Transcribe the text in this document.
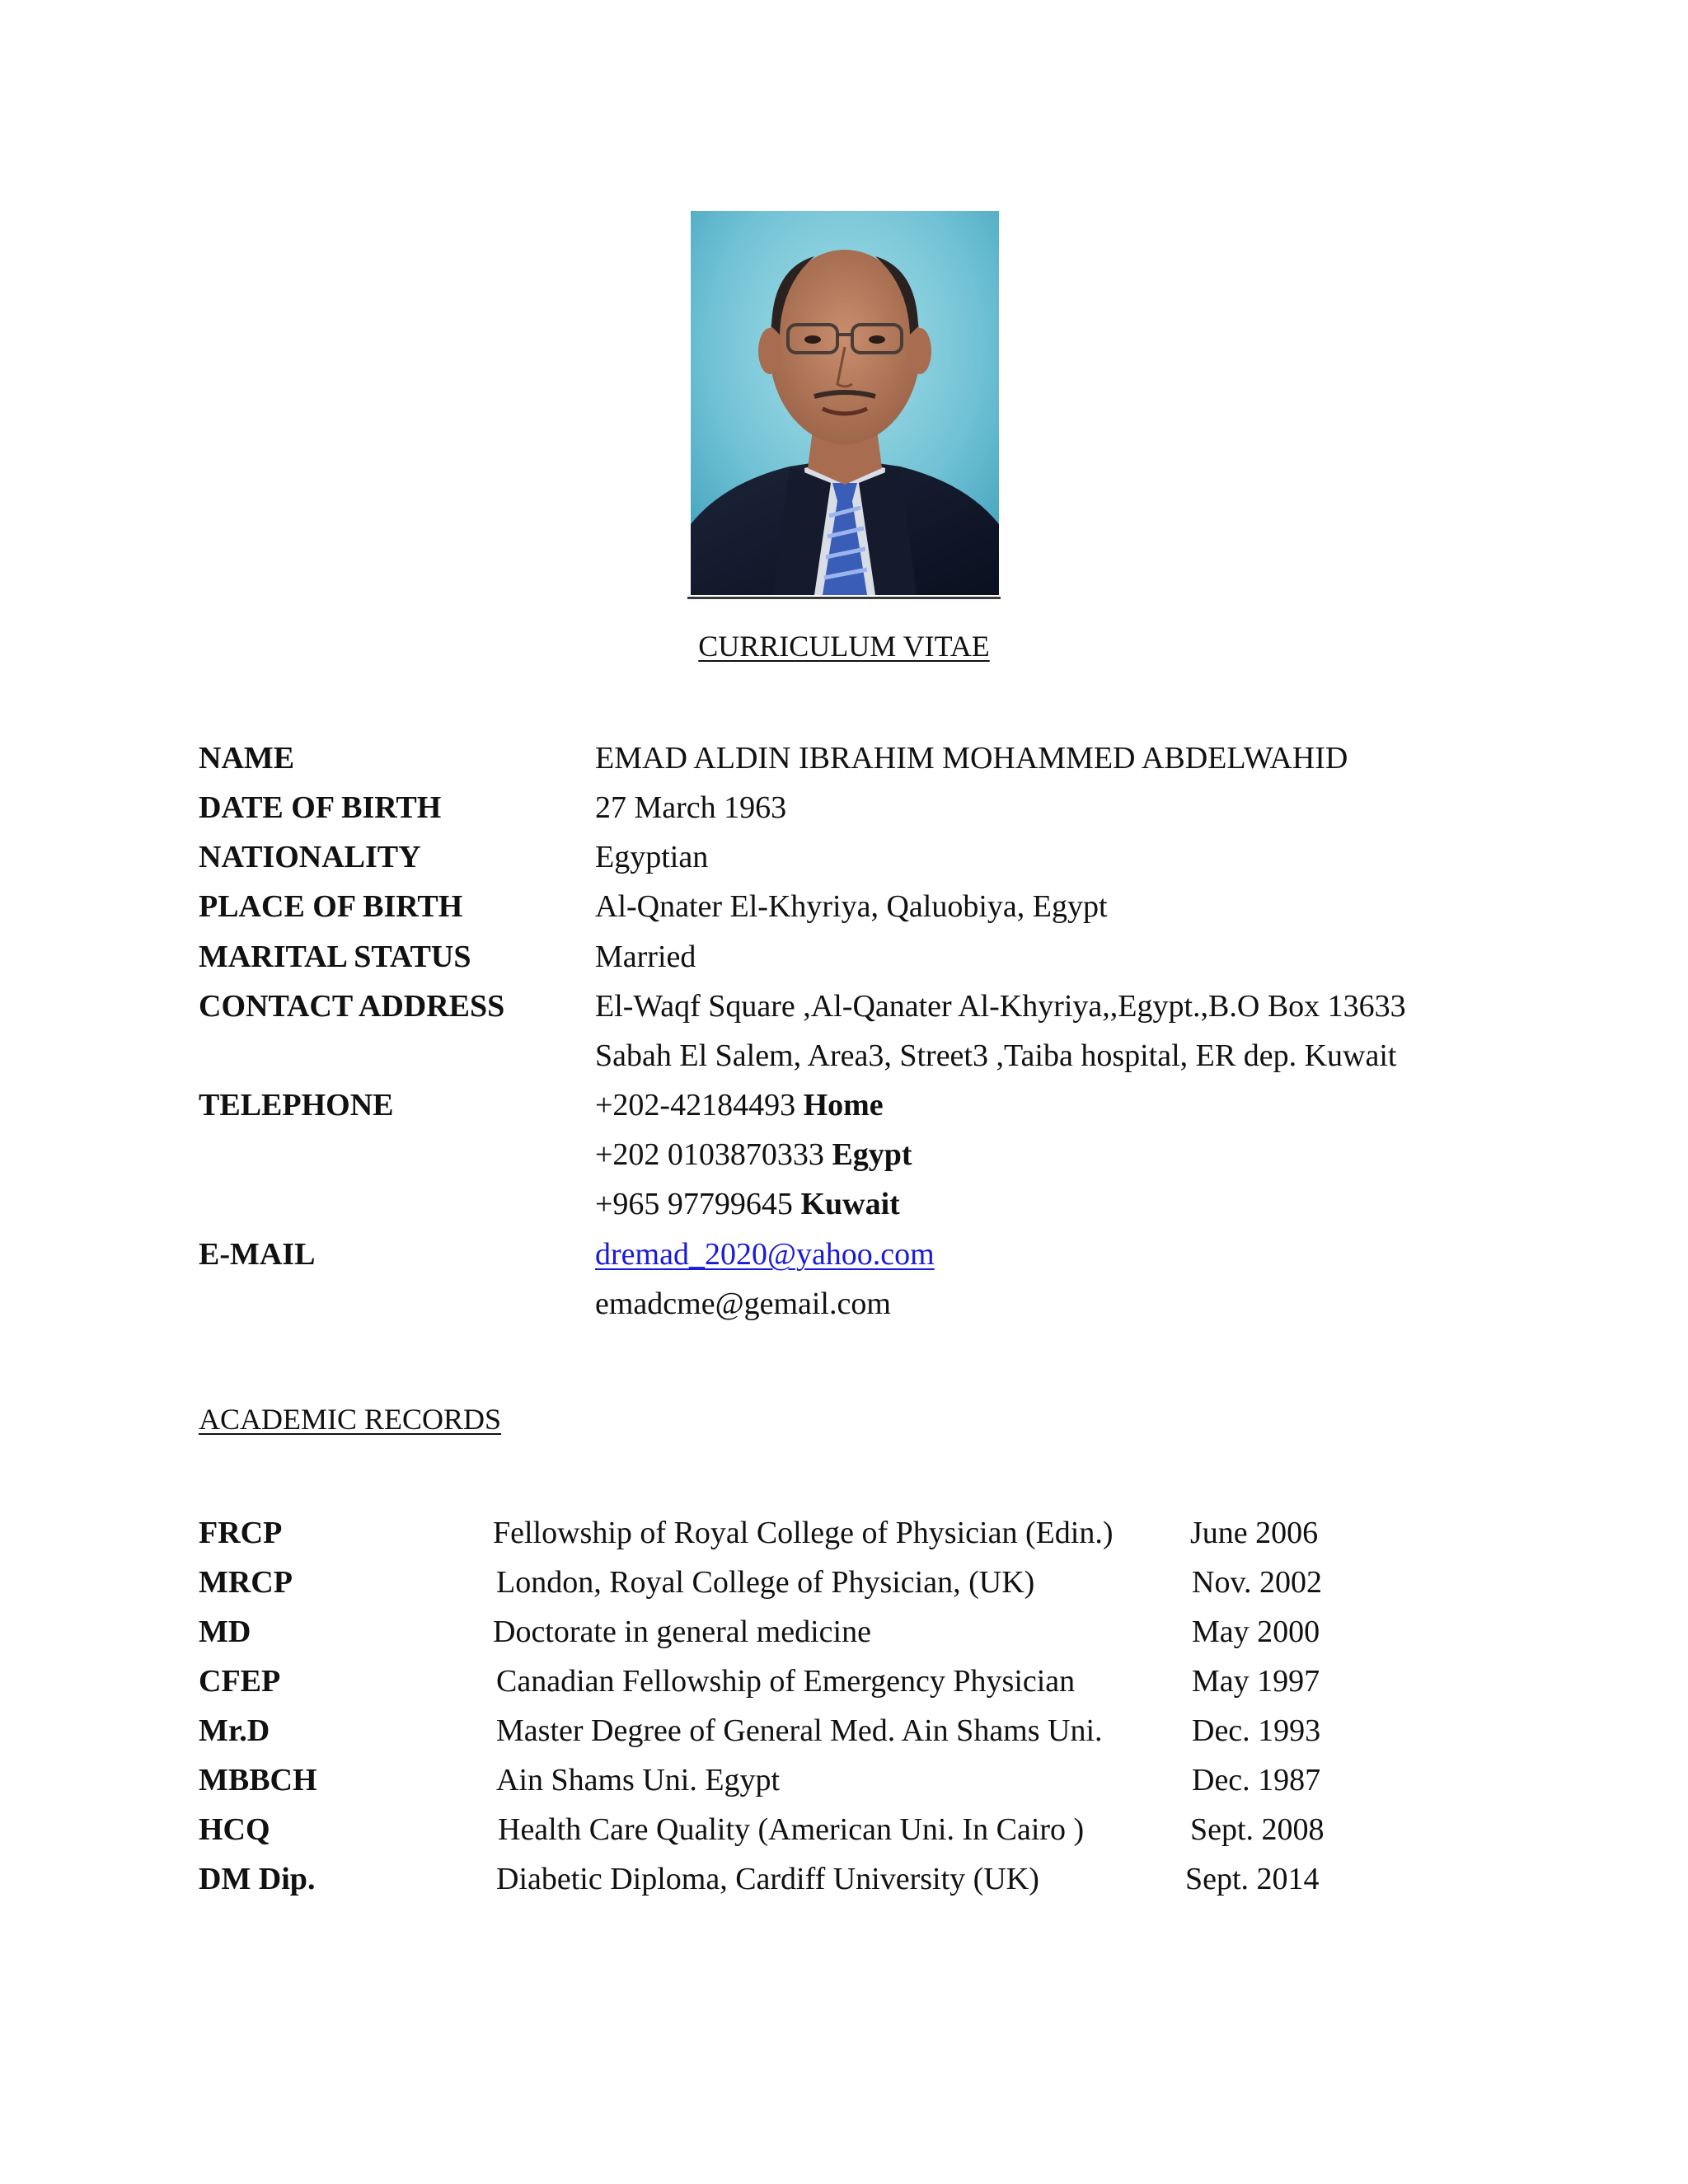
CURRICULUM VITAE
NAME	EMAD ALDIN IBRAHIM MOHAMMED ABDELWAHID
DATE OF BIRTH	27 March 1963
NATIONALITY	Egyptian
PLACE OF BIRTH	Al-Qnater El-Khyriya, Qaluobiya, Egypt
MARITAL STATUS	Married
CONTACT ADDRESS	El-Waqf Square ,Al-Qanater Al-Khyriya,,Egypt.,B.O Box 13633
Sabah El Salem, Area3, Street3 ,Taiba hospital, ER dep. Kuwait
TELEPHONE	+202-42184493 Home
+202 0103870333 Egypt
+965 97799645 Kuwait
E-MAIL	dremad_2020@yahoo.com
emadcme@gemail.com
ACADEMIC RECORDS
FRCP	Fellowship of Royal College of Physician (Edin.) June 2006
MRCP	London, Royal College of Physician, (UK)	Nov. 2002
MD	Doctorate in general medicine	May 2000
CFEP	Canadian Fellowship of Emergency Physician	May 1997
Mr.D	Master Degree of General Med. Ain Shams Uni.	Dec. 1993
MBBCH	Ain Shams Uni. Egypt	Dec. 1987
HCQ	Health Care Quality (American Uni. In Cairo )	Sept. 2008
DM Dip.	Diabetic Diploma, Cardiff University (UK)	Sept. 2014
